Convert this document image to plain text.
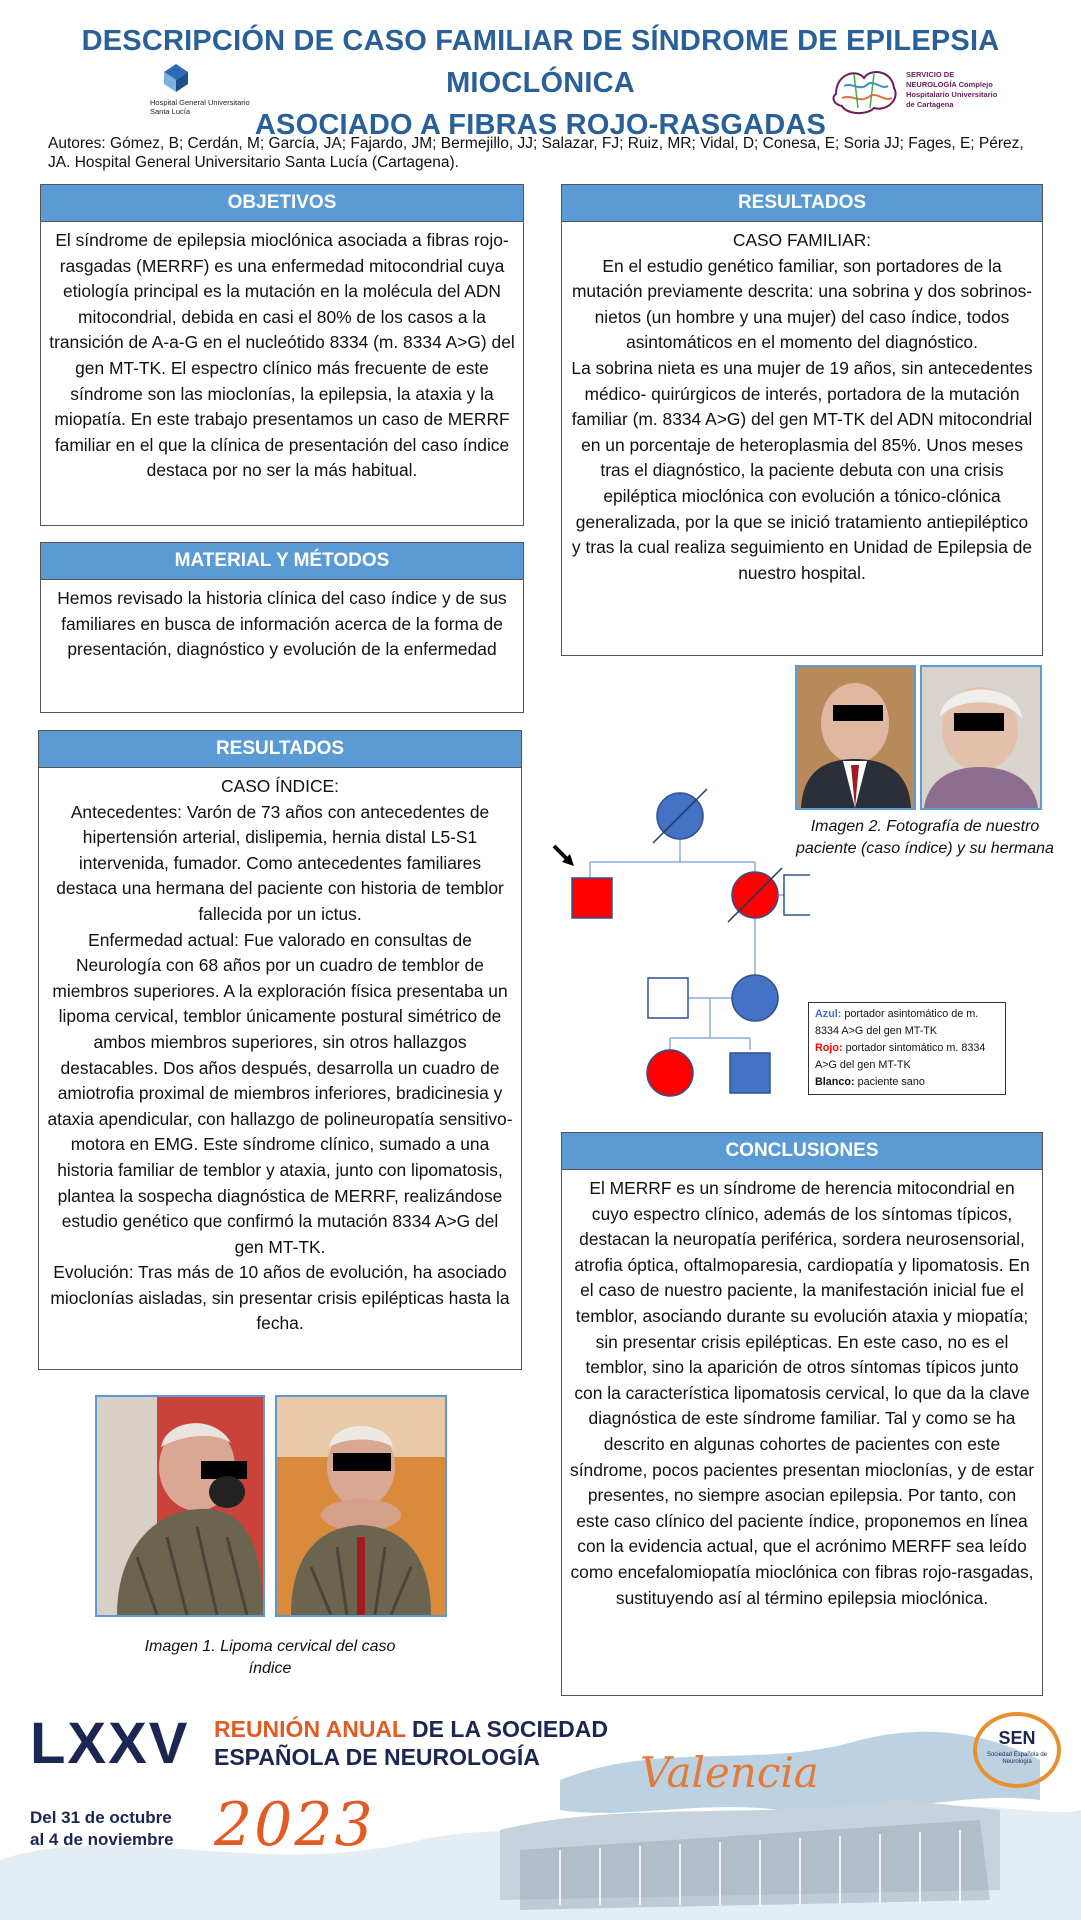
DESCRIPCIÓN DE CASO FAMILIAR DE SÍNDROME DE EPILEPSIA MIOCLÓNICA
ASOCIADO A FIBRAS ROJO-RASGADAS
Hospital General Universitario Santa Lucía
SERVICIO DE NEUROLOGÍA Complejo Hospitalario Universitario de Cartagena
Autores: Gómez, B; Cerdán, M; García, JA; Fajardo, JM; Bermejillo, JJ; Salazar, FJ; Ruiz, MR; Vidal, D; Conesa, E; Soria JJ; Fages, E; Pérez, JA. Hospital General Universitario Santa Lucía (Cartagena).
OBJETIVOS

El síndrome de epilepsia mioclónica asociada a fibras rojo-rasgadas (MERRF) es una enfermedad mitocondrial cuya etiología principal es la mutación en la molécula del ADN mitocondrial, debida en casi el 80% de los casos a la transición de A-a-G en el nucleótido 8334 (m. 8334 A>G) del gen MT-TK. El espectro clínico más frecuente de este síndrome son las mioclonías, la epilepsia, la ataxia y la miopatía. En este trabajo presentamos un caso de MERRF familiar en el que la clínica de presentación del caso índice destaca por no ser la más habitual.

MATERIAL Y MÉTODOS

Hemos revisado la historia clínica del caso índice y de sus familiares en busca de información acerca de la forma de presentación, diagnóstico y evolución de la enfermedad

RESULTADOS

CASO ÍNDICE:

Antecedentes: Varón de 73 años con antecedentes de hipertensión arterial, dislipemia, hernia distal L5-S1 intervenida, fumador. Como antecedentes familiares destaca una hermana del paciente con historia de temblor fallecida por un ictus.

Enfermedad actual: Fue valorado en consultas de Neurología con 68 años por un cuadro de temblor de miembros superiores. A la exploración física presentaba un lipoma cervical, temblor únicamente postural simétrico de ambos miembros superiores, sin otros hallazgos destacables. Dos años después, desarrolla un cuadro de amiotrofia proximal de miembros inferiores, bradicinesia y ataxia apendicular, con hallazgo de polineuropatía sensitivo-motora en EMG. Este síndrome clínico, sumado a una historia familiar de temblor y ataxia, junto con lipomatosis, plantea la sospecha diagnóstica de MERRF, realizándose estudio genético que confirmó la mutación 8334 A>G del gen MT-TK.

Evolución: Tras más de 10 años de evolución, ha asociado mioclonías aisladas, sin presentar crisis epilépticas hasta la fecha.

Imagen 1. Lipoma cervical del caso índice
RESULTADOS

CASO FAMILIAR:

En el estudio genético familiar, son portadores de la mutación previamente descrita: una sobrina y dos sobrinos-nietos (un hombre y una mujer) del caso índice, todos asintomáticos en el momento del diagnóstico.

La sobrina nieta es una mujer de 19 años, sin antecedentes médico- quirúrgicos de interés, portadora de la mutación familiar (m. 8334 A>G) del gen MT-TK del ADN mitocondrial en un porcentaje de heteroplasmia del 85%. Unos meses tras el diagnóstico, la paciente debuta con una crisis epiléptica mioclónica con evolución a tónico-clónica generalizada, por la que se inició tratamiento antiepiléptico y tras la cual realiza seguimiento en Unidad de Epilepsia de nuestro hospital.

Imagen 2. Fotografía de nuestro paciente (caso índice) y su hermana
Azul: portador asintomático de m. 8334 A>G del gen MT-TK
Rojo: portador sintomático m. 8334 A>G del gen MT-TK
Blanco: paciente sano
CONCLUSIONES

El MERRF es un síndrome de herencia mitocondrial en cuyo espectro clínico, además de los síntomas típicos, destacan la neuropatía periférica, sordera neurosensorial, atrofia óptica, oftalmoparesia, cardiopatía y lipomatosis. En el caso de nuestro paciente, la manifestación inicial fue el temblor, asociando durante su evolución ataxia y miopatía; sin presentar crisis epilépticas. En este caso, no es el temblor, sino la aparición de otros síntomas típicos junto con la característica lipomatosis cervical, lo que da la clave diagnóstica de este síndrome familiar. Tal y como se ha descrito en algunas cohortes de pacientes con este síndrome, pocos pacientes presentan mioclonías, y de estar presentes, no siempre asocian epilepsia. Por tanto, con este caso clínico del paciente índice, proponemos en línea con la evidencia actual, que el acrónimo MERFF sea leído como encefalomiopatía mioclónica con fibras rojo-rasgadas, sustituyendo así al término epilepsia mioclónica.

LXXV REUNIÓN ANUAL DE LA SOCIEDAD
ESPAÑOLA DE NEUROLOGÍA
Del 31 de octubre
al 4 de noviembre 2023
Valencia
SEN
Sociedad Española de Neurología
